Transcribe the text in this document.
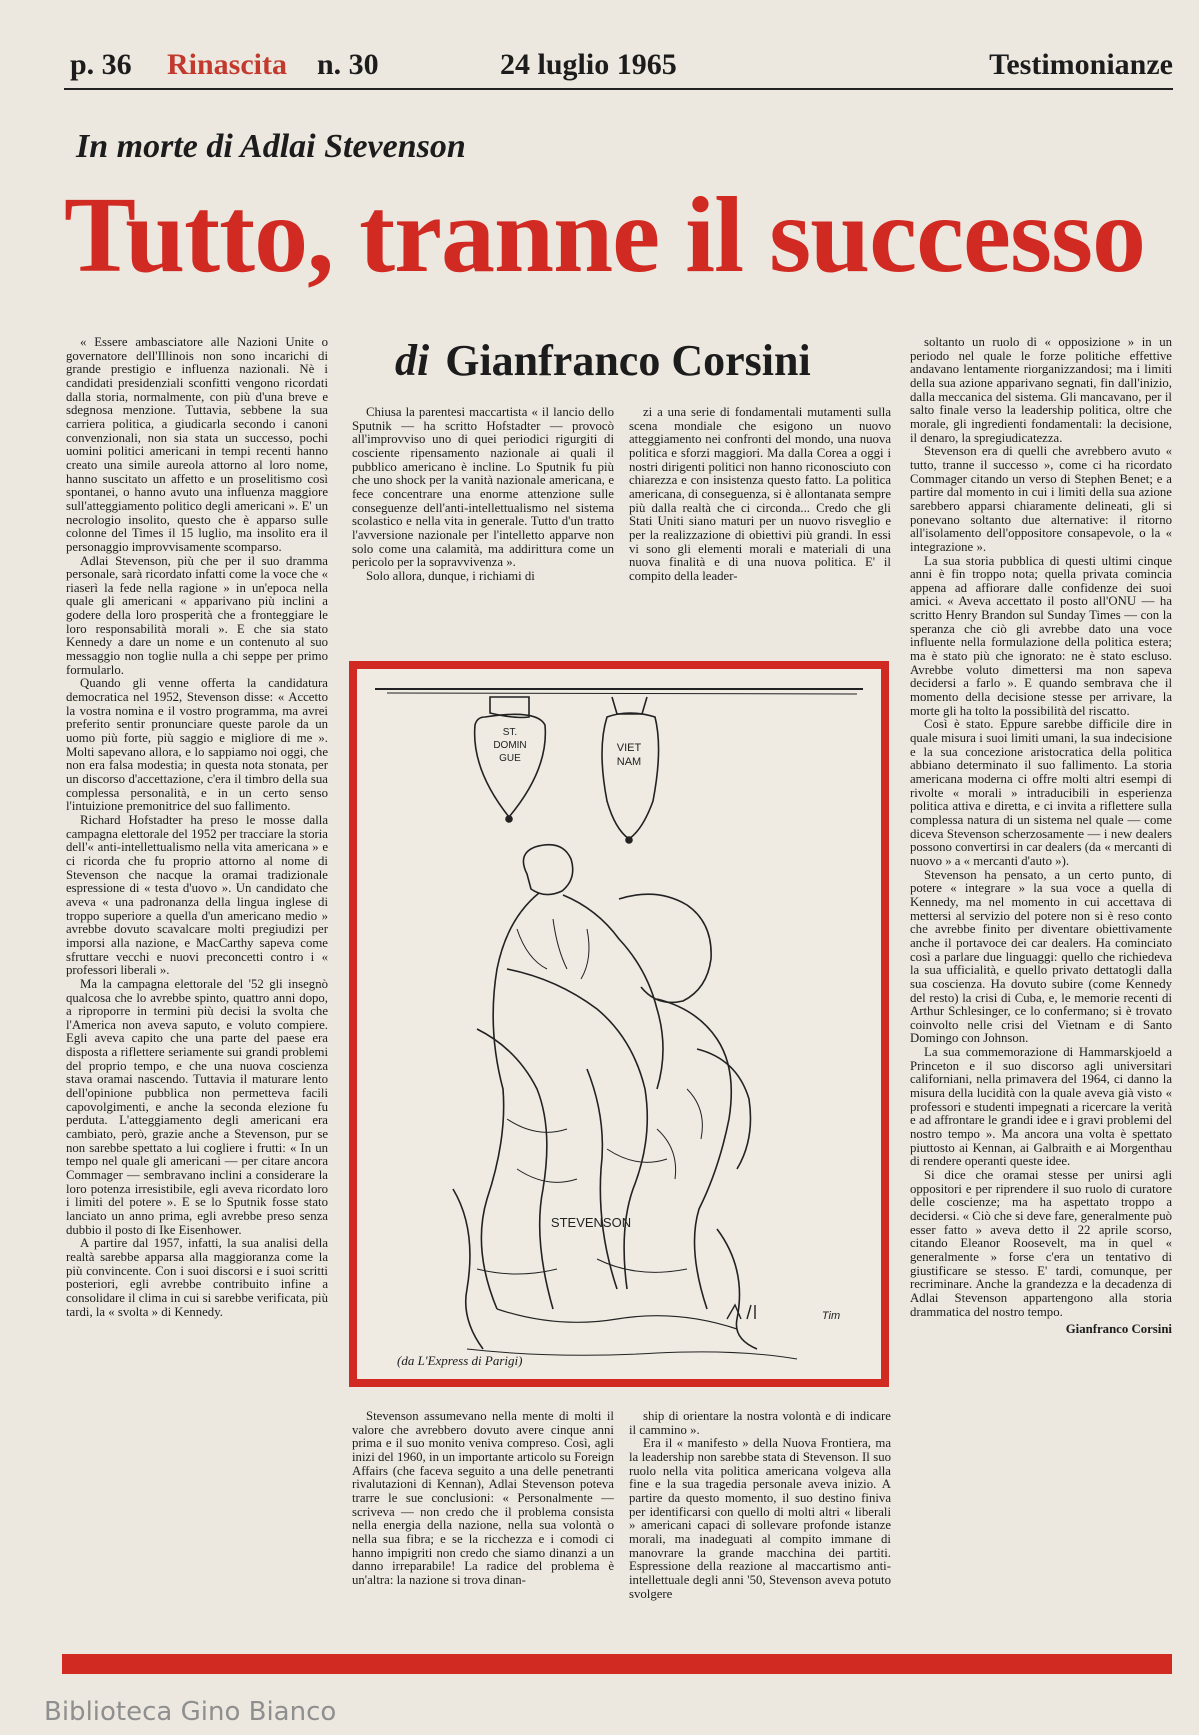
p. 36 Rinascita n. 30	24 luglio 1965	Testimonianze
In morte di Adlai Stevenson
Tutto, tranne il successo
di Gianfranco Corsini

« Essere ambasciatore alle Nazioni Unite o governatore dell'Illinois non sono incarichi di grande prestigio e influenza nazionali. Nè i candidati presidenziali sconfitti vengono ricordati dalla storia, normalmente, con più d'una breve e sdegnosa menzione. Tuttavia, sebbene la sua carriera politica, a giudicarla secondo i canoni convenzionali, non sia stata un successo, pochi uomini politici americani in tempi recenti hanno creato una simile aureola attorno al loro nome, hanno suscitato un affetto e un proselitismo così spontanei, o hanno avuto una influenza maggiore sull'atteggiamento politico degli americani ». E' un necrologio insolito, questo che è apparso sulle colonne del Times il 15 luglio, ma insolito era il personaggio improvvisamente scomparso.

Adlai Stevenson, più che per il suo dramma personale, sarà ricordato infatti come la voce che « riaserì la fede nella ragione » in un'epoca nella quale gli americani « apparivano più inclini a godere della loro prosperità che a fronteggiare le loro responsabilità morali ». E che sia stato Kennedy a dare un nome e un contenuto al suo messaggio non toglie nulla a chi seppe per primo formularlo.

Quando gli venne offerta la candidatura democratica nel 1952, Stevenson disse: « Accetto la vostra nomina e il vostro programma, ma avrei preferito sentir pronunciare queste parole da un uomo più forte, più saggio e migliore di me ». Molti sapevano allora, e lo sappiamo noi oggi, che non era falsa modestia; in questa nota stonata, per un discorso d'accettazione, c'era il timbro della sua complessa personalità, e in un certo senso l'intuizione premonitrice del suo fallimento.

Richard Hofstadter ha preso le mosse dalla campagna elettorale del 1952 per tracciare la storia dell'« anti-intellettualismo nella vita americana » e ci ricorda che fu proprio attorno al nome di Stevenson che nacque la oramai tradizionale espressione di « testa d'uovo ». Un candidato che aveva « una padronanza della lingua inglese di troppo superiore a quella d'un americano medio » avrebbe dovuto scavalcare molti pregiudizi per imporsi alla nazione, e MacCarthy sapeva come sfruttare vecchi e nuovi preconcetti contro i « professori liberali ».

Ma la campagna elettorale del '52 gli insegnò qualcosa che lo avrebbe spinto, quattro anni dopo, a riproporre in termini più decisi la svolta che l'America non aveva saputo, e voluto compiere. Egli aveva capito che una parte del paese era disposta a riflettere seriamente sui grandi problemi del proprio tempo, e che una nuova coscienza stava oramai nascendo. Tuttavia il maturare lento dell'opinione pubblica non permetteva facili capovolgimenti, e anche la seconda elezione fu perduta. L'atteggiamento degli americani era cambiato, però, grazie anche a Stevenson, pur se non sarebbe spettato a lui cogliere i frutti: « In un tempo nel quale gli americani — per citare ancora Commager — sembravano inclini a considerare la loro potenza irresistibile, egli aveva ricordato loro i limiti del potere ». E se lo Sputnik fosse stato lanciato un anno prima, egli avrebbe preso senza dubbio il posto di Ike Eisenhower.

A partire dal 1957, infatti, la sua analisi della realtà sarebbe apparsa alla maggioranza come la più convincente. Con i suoi discorsi e i suoi scritti posteriori, egli avrebbe contribuito infine a consolidare il clima in cui si sarebbe verificata, più tardi, la « svolta » di Kennedy.

Chiusa la parentesi maccartista « il lancio dello Sputnik — ha scritto Hofstadter — provocò all'improvviso uno di quei periodici rigurgiti di cosciente ripensamento nazionale ai quali il pubblico americano è incline. Lo Sputnik fu più che uno shock per la vanità nazionale americana, e fece concentrare una enorme attenzione sulle conseguenze dell'anti-intellettualismo nel sistema scolastico e nella vita in generale. Tutto d'un tratto l'avversione nazionale per l'intelletto apparve non solo come una calamità, ma addirittura come un pericolo per la sopravvivenza ».

Solo allora, dunque, i richiami di

zi a una serie di fondamentali mutamenti sulla scena mondiale che esigono un nuovo atteggiamento nei confronti del mondo, una nuova politica e sforzi maggiori. Ma dalla Corea a oggi i nostri dirigenti politici non hanno riconosciuto con chiarezza e con insistenza questo fatto. La politica americana, di conseguenza, si è allontanata sempre più dalla realtà che ci circonda... Credo che gli Stati Uniti siano maturi per un nuovo risveglio e per la realizzazione di obiettivi più grandi. In essi vi sono gli elementi morali e materiali di una nuova finalità e di una nuova politica. E' il compito della leader-

soltanto un ruolo di « opposizione » in un periodo nel quale le forze politiche effettive andavano lentamente riorganizzandosi; ma i limiti della sua azione apparivano segnati, fin dall'inizio, dalla meccanica del sistema. Gli mancavano, per il salto finale verso la leadership politica, oltre che morale, gli ingredienti fondamentali: la decisione, il denaro, la spregiudicatezza.

Stevenson era di quelli che avrebbero avuto « tutto, tranne il successo », come ci ha ricordato Commager citando un verso di Stephen Benet; e a partire dal momento in cui i limiti della sua azione sarebbero apparsi chiaramente delineati, gli si ponevano soltanto due alternative: il ritorno all'isolamento dell'oppositore consapevole, o la « integrazione ».

La sua storia pubblica di questi ultimi cinque anni è fin troppo nota; quella privata comincia appena ad affiorare dalle confidenze dei suoi amici. « Aveva accettato il posto all'ONU — ha scritto Henry Brandon sul Sunday Times — con la speranza che ciò gli avrebbe dato una voce influente nella formulazione della politica estera; ma è stato più che ignorato: ne è stato escluso. Avrebbe voluto dimettersi ma non sapeva decidersi a farlo ». E quando sembrava che il momento della decisione stesse per arrivare, la morte gli ha tolto la possibilità del riscatto.

Così è stato. Eppure sarebbe difficile dire in quale misura i suoi limiti umani, la sua indecisione e la sua concezione aristocratica della politica abbiano determinato il suo fallimento. La storia americana moderna ci offre molti altri esempi di rivolte « morali » intraducibili in esperienza politica attiva e diretta, e ci invita a riflettere sulla complessa natura di un sistema nel quale — come diceva Stevenson scherzosamente — i new dealers possono convertirsi in car dealers (da « mercanti di nuovo » a « mercanti d'auto »).

Stevenson ha pensato, a un certo punto, di potere « integrare » la sua voce a quella di Kennedy, ma nel momento in cui accettava di mettersi al servizio del potere non si è reso conto che avrebbe finito per diventare obiettivamente anche il portavoce dei car dealers. Ha cominciato così a parlare due linguaggi: quello che richiedeva la sua ufficialità, e quello privato dettatogli dalla sua coscienza. Ha dovuto subire (come Kennedy del resto) la crisi di Cuba, e, le memorie recenti di Arthur Schlesinger, ce lo confermano; si è trovato coinvolto nelle crisi del Vietnam e di Santo Domingo con Johnson.

La sua commemorazione di Hammarskjoeld a Princeton e il suo discorso agli universitari californiani, nella primavera del 1964, ci danno la misura della lucidità con la quale aveva già visto « professori e studenti impegnati a ricercare la verità e ad affrontare le grandi idee e i gravi problemi del nostro tempo ». Ma ancora una volta è spettato piuttosto ai Kennan, ai Galbraith e ai Morgenthau di rendere operanti queste idee.

Si dice che oramai stesse per unirsi agli oppositori e per riprendere il suo ruolo di curatore delle coscienze; ma ha aspettato troppo a decidersi. « Ciò che si deve fare, generalmente può esser fatto » aveva detto il 22 aprile scorso, citando Eleanor Roosevelt, ma in quel « generalmente » forse c'era un tentativo di giustificare se stesso. E' tardi, comunque, per recriminare. Anche la grandezza e la decadenza di Adlai Stevenson appartengono alla storia drammatica del nostro tempo.

Gianfranco Corsini
ST.
DOMIN
GUE
VIET
NAM
STEVENSON
Tim
(da L'Express di Parigi)

Stevenson assumevano nella mente di molti il valore che avrebbero dovuto avere cinque anni prima e il suo monito veniva compreso. Così, agli inizi del 1960, in un importante articolo su Foreign Affairs (che faceva seguito a una delle penetranti rivalutazioni di Kennan), Adlai Stevenson poteva trarre le sue conclusioni: « Personalmente — scriveva — non credo che il problema consista nella energia della nazione, nella sua volontà o nella sua fibra; e se la ricchezza e i comodi ci hanno impigriti non credo che siamo dinanzi a un danno irreparabile! La radice del problema è un'altra: la nazione si trova dinan-

ship di orientare la nostra volontà e di indicare il cammino ».

Era il « manifesto » della Nuova Frontiera, ma la leadership non sarebbe stata di Stevenson. Il suo ruolo nella vita politica americana volgeva alla fine e la sua tragedia personale aveva inizio. A partire da questo momento, il suo destino finiva per identificarsi con quello di molti altri « liberali » americani capaci di sollevare profonde istanze morali, ma inadeguati al compito immane di manovrare la grande macchina dei partiti. Espressione della reazione al maccartismo anti-intellettuale degli anni '50, Stevenson aveva potuto svolgere

Biblioteca Gino Bianco
